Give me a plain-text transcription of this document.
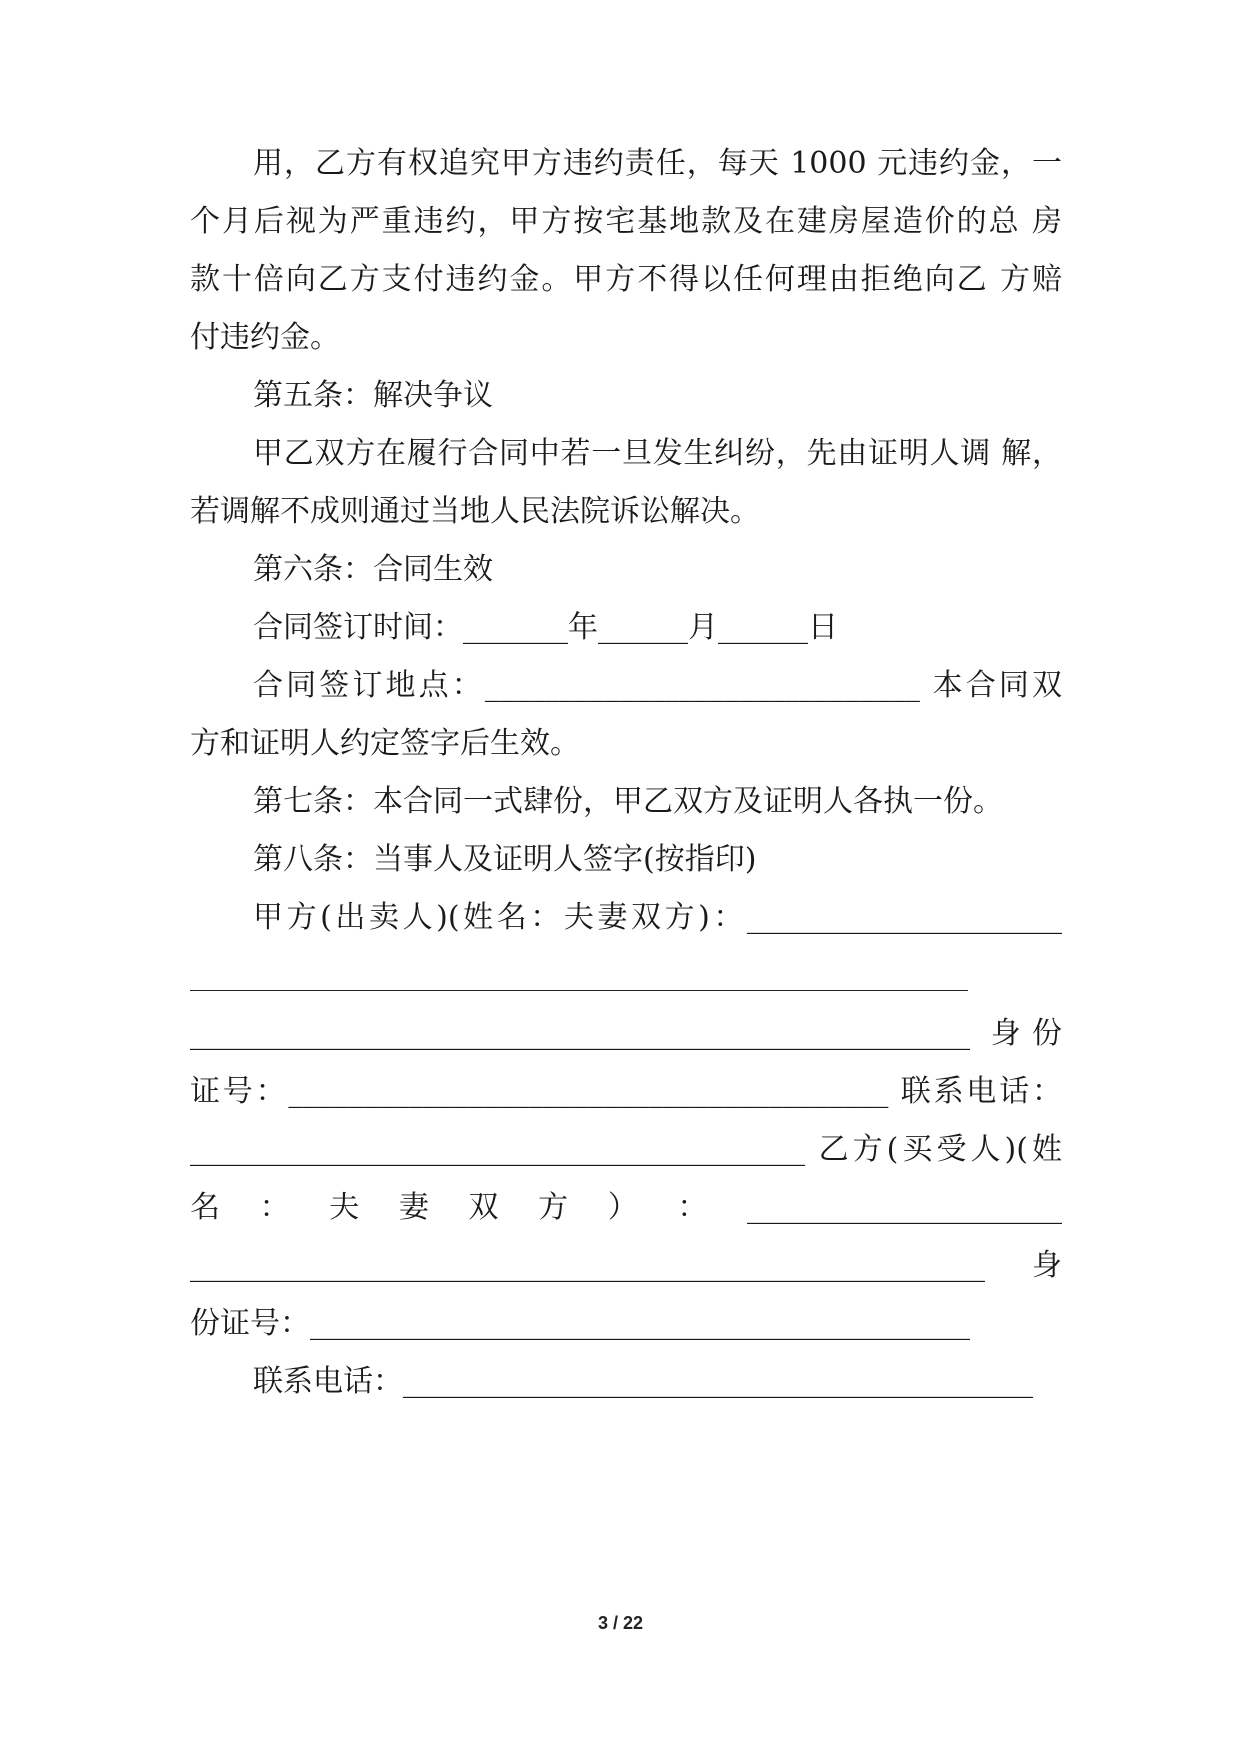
用，乙方有权追究甲方违约责任，每天 1000 元违约金，一
个月后视为严重违约，甲方按宅基地款及在建房屋造价的总 房
款十倍向乙方支付违约金。甲方不得以任何理由拒绝向乙 方赔
付违约金。
第五条：解决争议
甲乙双方在履行合同中若一旦发生纠纷，先由证明人调 解，
若调解不成则通过当地人民法院诉讼解决。
第六条：合同生效
合同签订时间：_______年______月______日
合同签订地点：_____________________________ 本合同双
方和证明人约定签字后生效。
第七条：本合同一式肆份，甲乙双方及证明人各执一份。
第八条：当事人及证明人签字(按指印)
甲方(出卖人)(姓名：夫妻双方)：_____________________
____________________________________________________ 身份
证号：________________________________________ 联系电话：
_________________________________________ 乙方(买受人)(姓
名 ： 夫 妻 双 方 ） ： _____________________
_____________________________________________________ 身
份证号：____________________________________________
联系电话：__________________________________________
3 / 22
